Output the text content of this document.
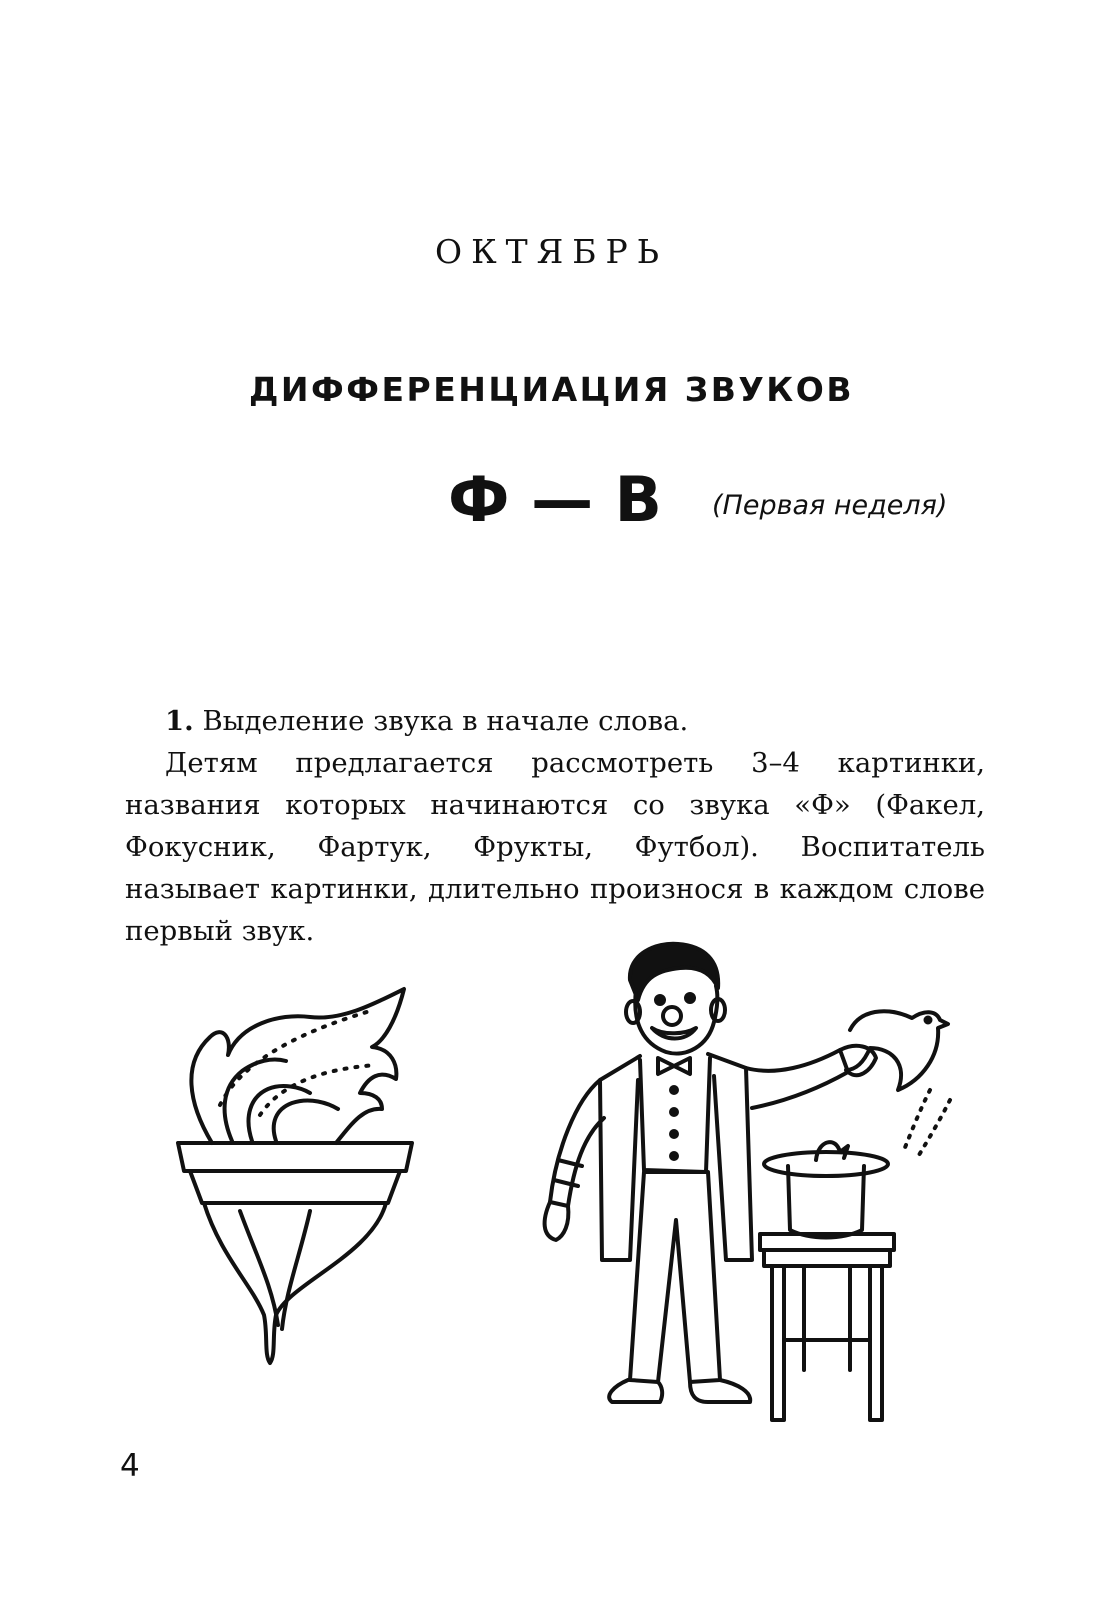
ОКТЯБРЬ
ДИФФЕРЕНЦИАЦИЯ ЗВУКОВ
Ф — В (Первая неделя)

1. Выделение звука в начале слова.

Детям предлагается рассмотреть 3–4 картинки, названия которых начинаются со звука «Ф» (Факел, Фокусник, Фартук, Фрукты, Футбол). Воспитатель называет картинки, длительно произнося в каждом слове первый звук.

4
